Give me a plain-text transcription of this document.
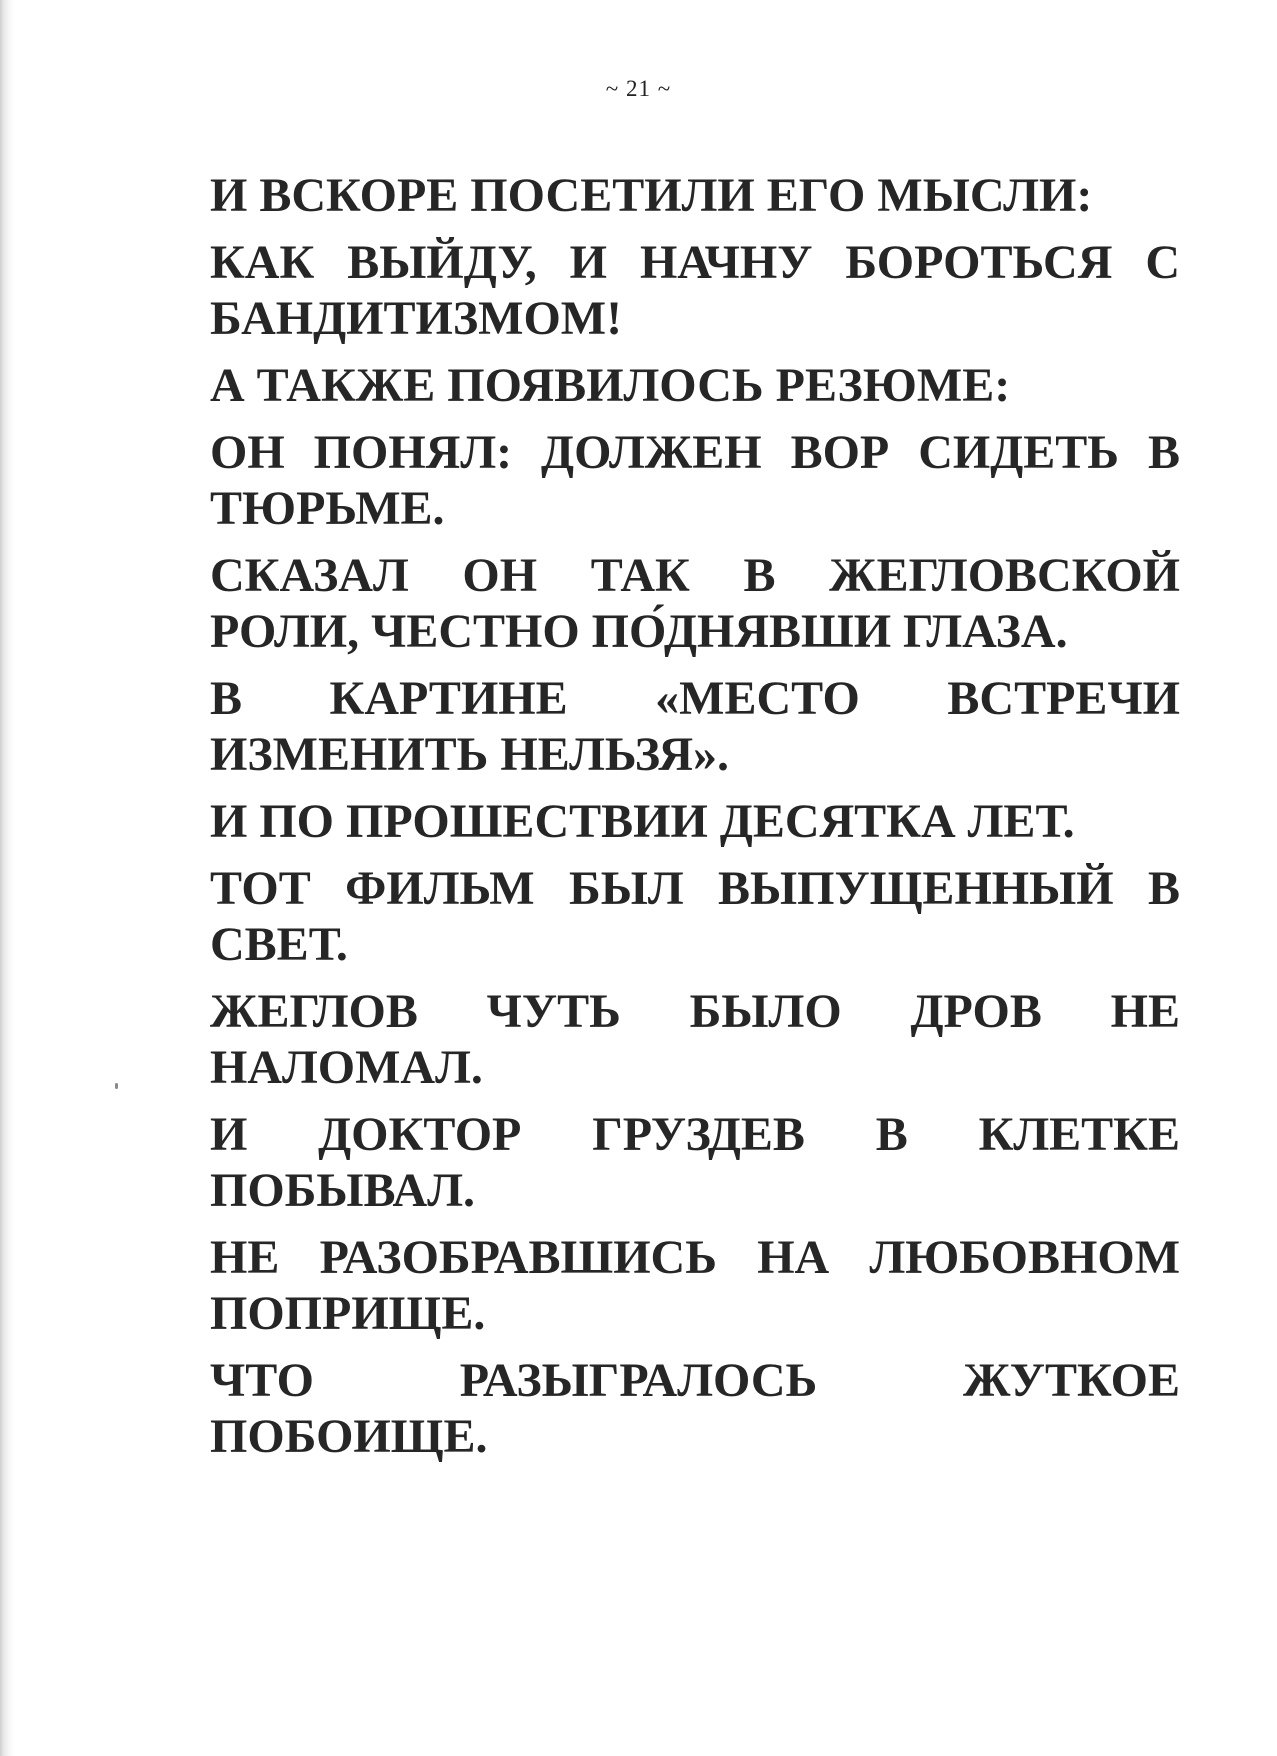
~ 21 ~
И ВСКОРЕ ПОСЕТИЛИ ЕГО МЫСЛИ:
КАК ВЫЙДУ, И НАЧНУ БОРОТЬСЯ С
БАНДИТИЗМОМ!
А ТАКЖЕ ПОЯВИЛОСЬ РЕЗЮМЕ:
ОН ПОНЯЛ: ДОЛЖЕН ВОР СИДЕТЬ В
ТЮРЬМЕ.
СКАЗАЛ ОН ТАК В ЖЕГЛОВСКОЙ
РОЛИ, ЧЕСТНО ПО́ДНЯВШИ ГЛАЗА.
В КАРТИНЕ «МЕСТО ВСТРЕЧИ
ИЗМЕНИТЬ НЕЛЬЗЯ».
И ПО ПРОШЕСТВИИ ДЕСЯТКА ЛЕТ.
ТОТ ФИЛЬМ БЫЛ ВЫПУЩЕННЫЙ В
СВЕТ.
ЖЕГЛОВ ЧУТЬ БЫЛО ДРОВ НЕ
НАЛОМАЛ.
И ДОКТОР ГРУЗДЕВ В КЛЕТКЕ
ПОБЫВАЛ.
НЕ РАЗОБРАВШИСЬ НА ЛЮБОВНОМ
ПОПРИЩЕ.
ЧТО РАЗЫГРАЛОСЬ ЖУТКОЕ
ПОБОИЩЕ.
